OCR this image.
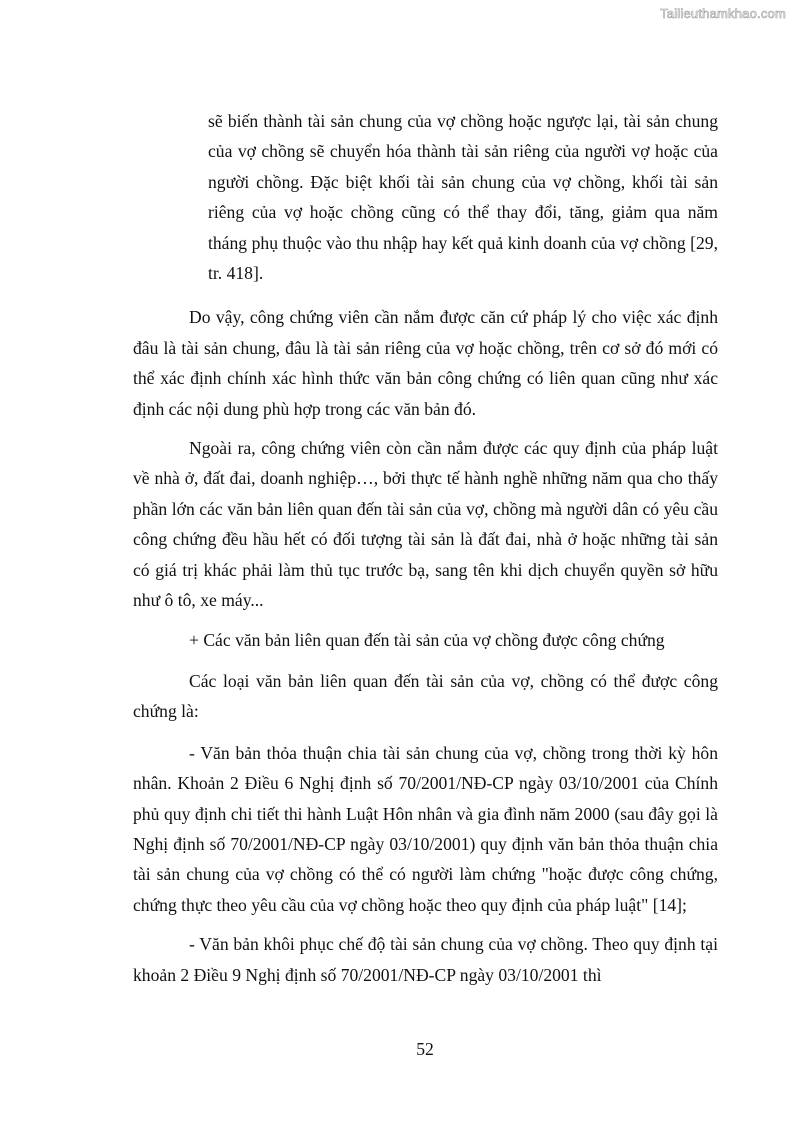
Tailieuthamkhao.com

sẽ biến thành tài sản chung của vợ chồng hoặc ngược lại, tài sản chung của vợ chồng sẽ chuyển hóa thành tài sản riêng của người vợ hoặc của người chồng. Đặc biệt khối tài sản chung của vợ chồng, khối tài sản riêng của vợ hoặc chồng cũng có thể thay đổi, tăng, giảm qua năm tháng phụ thuộc vào thu nhập hay kết quả kinh doanh của vợ chồng [29, tr. 418].

Do vậy, công chứng viên cần nắm được căn cứ pháp lý cho việc xác định đâu là tài sản chung, đâu là tài sản riêng của vợ hoặc chồng, trên cơ sở đó mới có thể xác định chính xác hình thức văn bản công chứng có liên quan cũng như xác định các nội dung phù hợp trong các văn bản đó.

Ngoài ra, công chứng viên còn cần nắm được các quy định của pháp luật về nhà ở, đất đai, doanh nghiệp…, bởi thực tế hành nghề những năm qua cho thấy phần lớn các văn bản liên quan đến tài sản của vợ, chồng mà người dân có yêu cầu công chứng đều hầu hết có đối tượng tài sản là đất đai, nhà ở hoặc những tài sản có giá trị khác phải làm thủ tục trước bạ, sang tên khi dịch chuyển quyền sở hữu như ô tô, xe máy...

+ Các văn bản liên quan đến tài sản của vợ chồng được công chứng

Các loại văn bản liên quan đến tài sản của vợ, chồng có thể được công chứng là:

- Văn bản thỏa thuận chia tài sản chung của vợ, chồng trong thời kỳ hôn nhân. Khoản 2 Điều 6 Nghị định số 70/2001/NĐ-CP ngày 03/10/2001 của Chính phủ quy định chi tiết thi hành Luật Hôn nhân và gia đình năm 2000 (sau đây gọi là Nghị định số 70/2001/NĐ-CP ngày 03/10/2001) quy định văn bản thỏa thuận chia tài sản chung của vợ chồng có thể có người làm chứng "hoặc được công chứng, chứng thực theo yêu cầu của vợ chồng hoặc theo quy định của pháp luật" [14];

- Văn bản khôi phục chế độ tài sản chung của vợ chồng. Theo quy định tại khoản 2 Điều 9 Nghị định số 70/2001/NĐ-CP ngày 03/10/2001 thì

52
